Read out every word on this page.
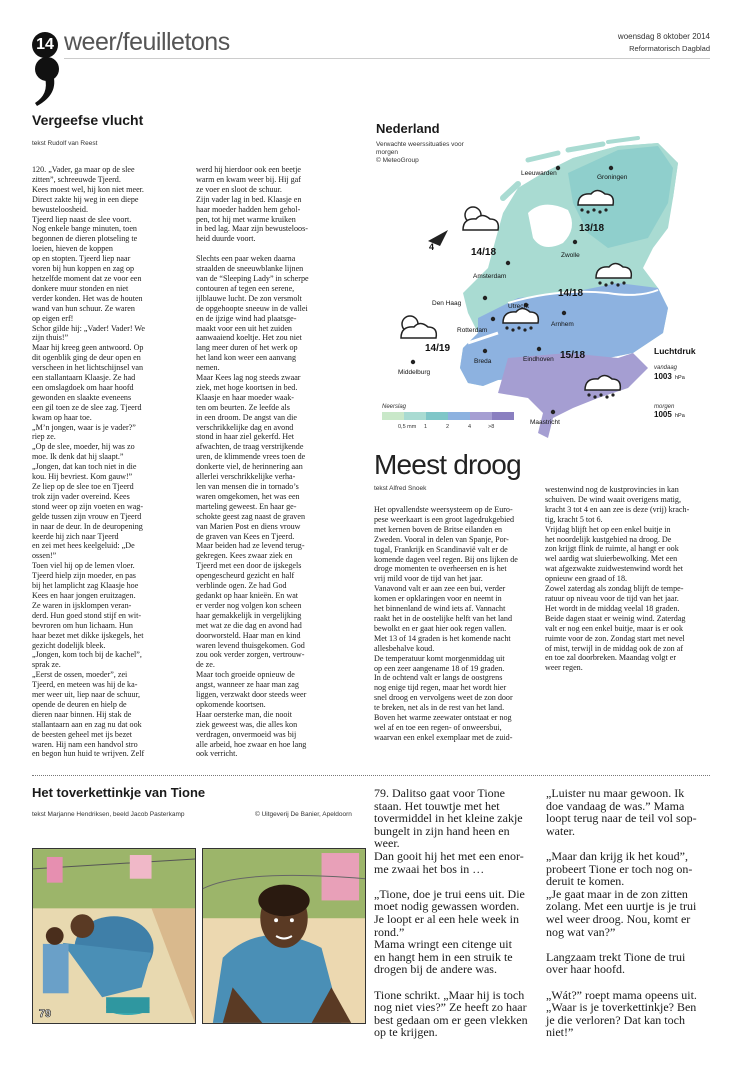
14 weer/feuilletons	woensdag 8 oktober 2014
Reformatorisch Dagblad
Vergeefse vlucht
tekst Rudolf van Reest
120. „Vader, ga maar op de slee
zitten”, schreeuwde Tjeerd.
Kees moest wel, hij kon niet meer.
Direct zakte hij weg in een diepe
bewusteloosheid.
Tjeerd liep naast de slee voort.
Nog enkele bange minuten, toen
begonnen de dieren plotseling te
loeien, hieven de koppen
op en stopten. Tjeerd liep naar
voren bij hun koppen en zag op
hetzelfde moment dat ze voor een
donkere muur stonden en niet
verder konden. Het was de houten
wand van hun schuur. Ze waren
op eigen erf!
Schor gilde hij: „Vader! Vader! We
zijn thuis!”
Maar hij kreeg geen antwoord. Op
dit ogenblik ging de deur open en
verscheen in het lichtschijnsel van
een stallantaarn Klaasje. Ze had
een omslagdoek om haar hoofd
gewonden en slaakte eveneens
een gil toen ze de slee zag. Tjeerd
kwam op haar toe.
„M’n jongen, waar is je vader?”
riep ze.
„Op de slee, moeder, hij was zo
moe. Ik denk dat hij slaapt.”
„Jongen, dat kan toch niet in die
kou. Hij bevriest. Kom gauw!”
Ze liep op de slee toe en Tjeerd
trok zijn vader overeind. Kees
stond weer op zijn voeten en wag-
gelde tussen zijn vrouw en Tjeerd
in naar de deur. In de deuropening
keerde hij zich naar Tjeerd
en zei met hees keelgeluid: „De
ossen!”
Toen viel hij op de lemen vloer.
Tjeerd hielp zijn moeder, en pas
bij het lamplicht zag Klaasje hoe
Kees en haar jongen eruitzagen.
Ze waren in ijsklompen veran-
derd. Hun goed stond stijf en wit-
bevroren om hun lichaam. Hun
haar bezet met dikke ijskegels, het
gezicht dodelijk bleek.
„Jongen, kom toch bij de kachel”,
sprak ze.
„Eerst de ossen, moeder”, zei
Tjeerd, en meteen was hij de ka-
mer weer uit, liep naar de schuur,
opende de deuren en hielp de
dieren naar binnen. Hij stak de
stallantaarn aan en zag nu dat ook
de beesten geheel met ijs bezet
waren. Hij nam een handvol stro
en begon hun huid te wrijven. Zelf
werd hij hierdoor ook een beetje
warm en kwam weer bij. Hij gaf
ze voer en sloot de schuur.
Zijn vader lag in bed. Klaasje en
haar moeder hadden hem gehol-
pen, tot hij met warme kruiken
in bed lag. Maar zijn bewusteloos-
heid duurde voort.

Slechts een paar weken daarna
straalden de sneeuwblanke lijnen
van de “Sleeping Lady” in scherpe
contouren af tegen een serene,
ijlblauwe lucht. De zon versmolt
de opgehoopte sneeuw in de vallei
en de ijzige wind had plaatsge-
maakt voor een uit het zuiden
aanwaaiend koeltje. Het zou niet
lang meer duren of het werk op
het land kon weer een aanvang
nemen.
Maar Kees lag nog steeds zwaar
ziek, met hoge koortsen in bed.
Klaasje en haar moeder waak-
ten om beurten. Ze leefde als
in een droom. De angst van die
verschrikkelijke dag en avond
stond in haar ziel gekerfd. Het
afwachten, de traag verstrijkende
uren, de klimmende vrees toen de
donkerte viel, de herinnering aan
allerlei verschrikkelijke verha-
len van mensen die in tornado’s
waren omgekomen, het was een
marteling geweest. En haar ge-
schokte geest zag naast de graven
van Marien Post en diens vrouw
de graven van Kees en Tjeerd.
Maar beiden had ze levend terug-
gekregen. Kees zwaar ziek en
Tjeerd met een door de ijskegels
opengescheurd gezicht en half
verblinde ogen. Ze had God
gedankt op haar knieën. En wat
er verder nog volgen kon scheen
haar gemakkelijk in vergelijking
met wat ze die dag en avond had
doorworsteld. Haar man en kind
waren levend thuisgekomen. God
zou ook verder zorgen, vertrouw-
de ze.
Maar toch groeide opnieuw de
angst, wanneer ze haar man zag
liggen, verzwakt door steeds weer
opkomende koortsen.
Haar oersterke man, die nooit
ziek geweest was, die alles kon
verdragen, onvermoeid was bij
alle arbeid, hoe zwaar en hoe lang
ook verricht.
Leeuwarden
Groningen
Zwolle
Amsterdam
Den Haag	Utrecht
Rotterdam
Arnhem
Breda	Eindhoven
Middelburg
Maastricht
13/18
14/18
14/18
14/19
15/18
4
Neerslag
0,5 mm 1	2	4	>8
Luchtdruk
vandaag
1003 hPa
morgen
1005 hPa
Nederland
Verwachte weerssituaties voor morgen
© MeteoGroup
Meest droog
tekst Alfred Snoek
Het opvallendste weersysteem op de Euro-
pese weerkaart is een groot lagedrukgebied
met kernen boven de Britse eilanden en
Zweden. Vooral in delen van Spanje, Por-
tugal, Frankrijk en Scandinavië valt er de
komende dagen veel regen. Bij ons lijken de
droge momenten te overheersen en is het
vrij mild voor de tijd van het jaar.
Vanavond valt er aan zee een bui, verder
komen er opklaringen voor en neemt in
het binnenland de wind iets af. Vannacht
raakt het in de oostelijke helft van het land
bewolkt en er gaat hier ook regen vallen.
Met 13 of 14 graden is het komende nacht
allesbehalve koud.
De temperatuur komt morgenmiddag uit
op een zeer aangename 18 of 19 graden.
In de ochtend valt er langs de oostgrens
nog enige tijd regen, maar het wordt hier
snel droog en vervolgens weet de zon door
te breken, net als in de rest van het land.
Boven het warme zeewater ontstaat er nog
wel af en toe een regen- of onweersbui,
waarvan een enkel exemplaar met de zuid-
westenwind nog de kustprovincies in kan
schuiven. De wind waait overigens matig,
kracht 3 tot 4 en aan zee is deze (vrij) krach-
tig, kracht 5 tot 6.
Vrijdag blijft het op een enkel buitje in
het noordelijk kustgebied na droog. De
zon krijgt flink de ruimte, al hangt er ook
wel aardig wat sluierbewolking. Met een
wat afgezwakte zuidwestenwind wordt het
opnieuw een graad of 18.
Zowel zaterdag als zondag blijft de tempe-
ratuur op niveau voor de tijd van het jaar.
Het wordt in de middag veelal 18 graden.
Beide dagen staat er weinig wind. Zaterdag
valt er nog een enkel buitje, maar is er ook
ruimte voor de zon. Zondag start met nevel
of mist, terwijl in de middag ook de zon af
en toe zal doorbreken. Maandag volgt er
weer regen.
Het toverkettinkje van Tione
tekst Marjanne Hendriksen, beeld Jacob Pasterkamp	© Uitgeverij De Banier, Apeldoorn
79
79. Dalitso gaat voor Tione
staan. Het touwtje met het
tovermiddel in het kleine zakje
bungelt in zijn hand heen en
weer.
Dan gooit hij het met een enor-
me zwaai het bos in …

„Tione, doe je trui eens uit. Die
moet nodig gewassen worden.
Je loopt er al een hele week in
rond.”
Mama wringt een citenge uit
en hangt hem in een struik te
drogen bij de andere was.

Tione schrikt. „Maar hij is toch
nog niet vies?” Ze heeft zo haar
best gedaan om er geen vlekken
op te krijgen.
„Luister nu maar gewoon. Ik
doe vandaag de was.” Mama
loopt terug naar de teil vol sop-
water.

„Maar dan krijg ik het koud”,
probeert Tione er toch nog on-
deruit te komen.
„Je gaat maar in de zon zitten
zolang. Met een uurtje is je trui
wel weer droog. Nou, komt er
nog wat van?”

Langzaam trekt Tione de trui
over haar hoofd.

„Wát?” roept mama opeens uit.
„Waar is je toverkettinkje? Ben
je die verloren? Dat kan toch
niet!”
